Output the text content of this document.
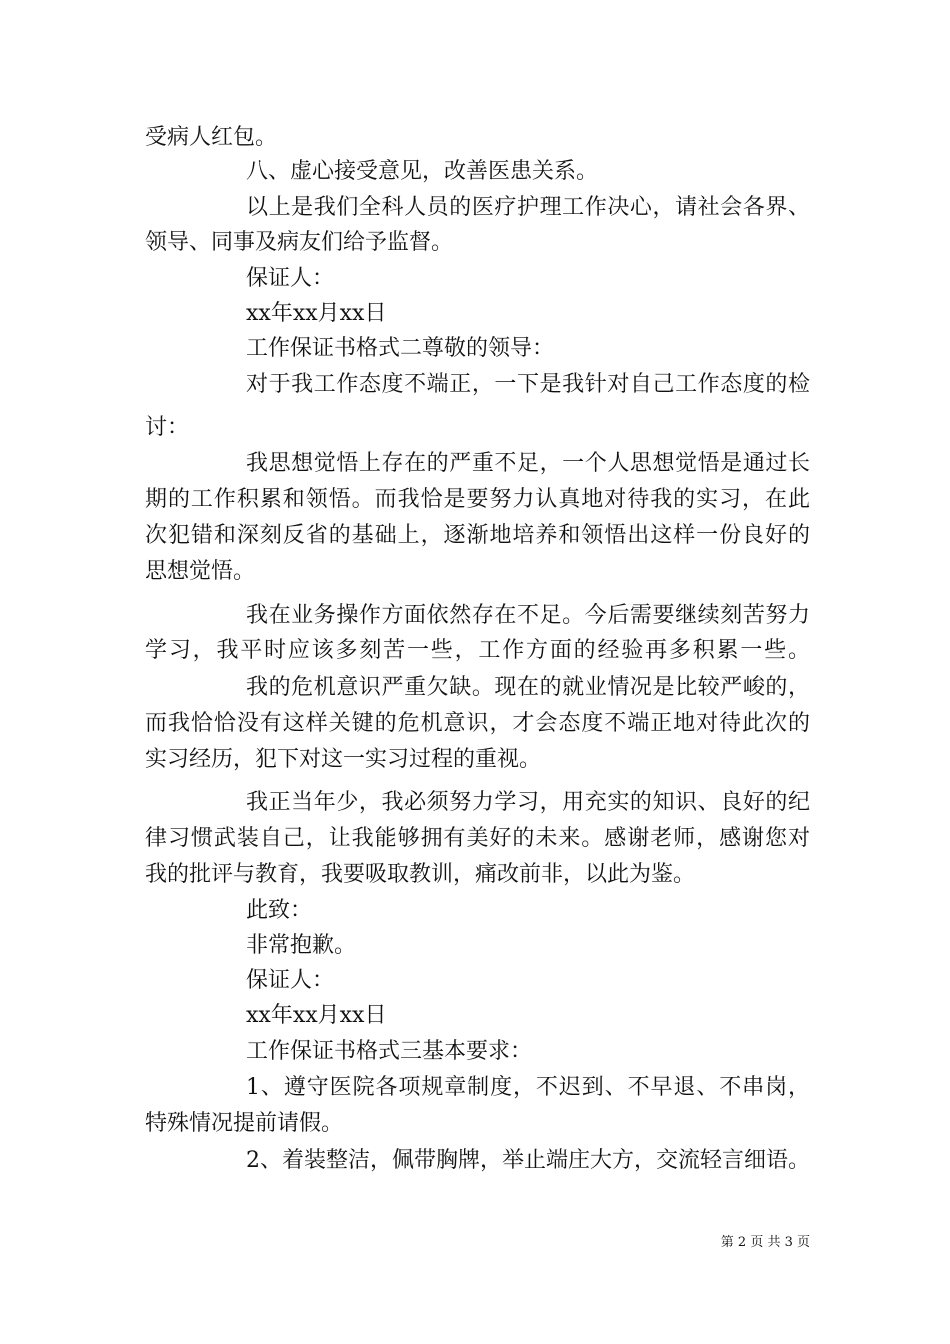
受病人红包。
八、虚心接受意见，改善医患关系。
以上是我们全科人员的医疗护理工作决心，请社会各界、
领导、同事及病友们给予监督。
保证人：
xx年xx月xx日
工作保证书格式二尊敬的领导：
对于我工作态度不端正，一下是我针对自己工作态度的检
讨：
我思想觉悟上存在的严重不足，一个人思想觉悟是通过长
期的工作积累和领悟。而我恰是要努力认真地对待我的实习，在此
次犯错和深刻反省的基础上，逐渐地培养和领悟出这样一份良好的
思想觉悟。
我在业务操作方面依然存在不足。今后需要继续刻苦努力
学习，我平时应该多刻苦一些，工作方面的经验再多积累一些。
我的危机意识严重欠缺。现在的就业情况是比较严峻的，
而我恰恰没有这样关键的危机意识，才会态度不端正地对待此次的
实习经历，犯下对这一实习过程的重视。
我正当年少，我必须努力学习，用充实的知识、良好的纪
律习惯武装自己，让我能够拥有美好的未来。感谢老师，感谢您对
我的批评与教育，我要吸取教训，痛改前非，以此为鉴。
此致：
非常抱歉。
保证人：
xx年xx月xx日
工作保证书格式三基本要求：
1、遵守医院各项规章制度，不迟到、不早退、不串岗，
特殊情况提前请假。
2、着装整洁，佩带胸牌，举止端庄大方，交流轻言细语。
第 2 页 共 3 页
